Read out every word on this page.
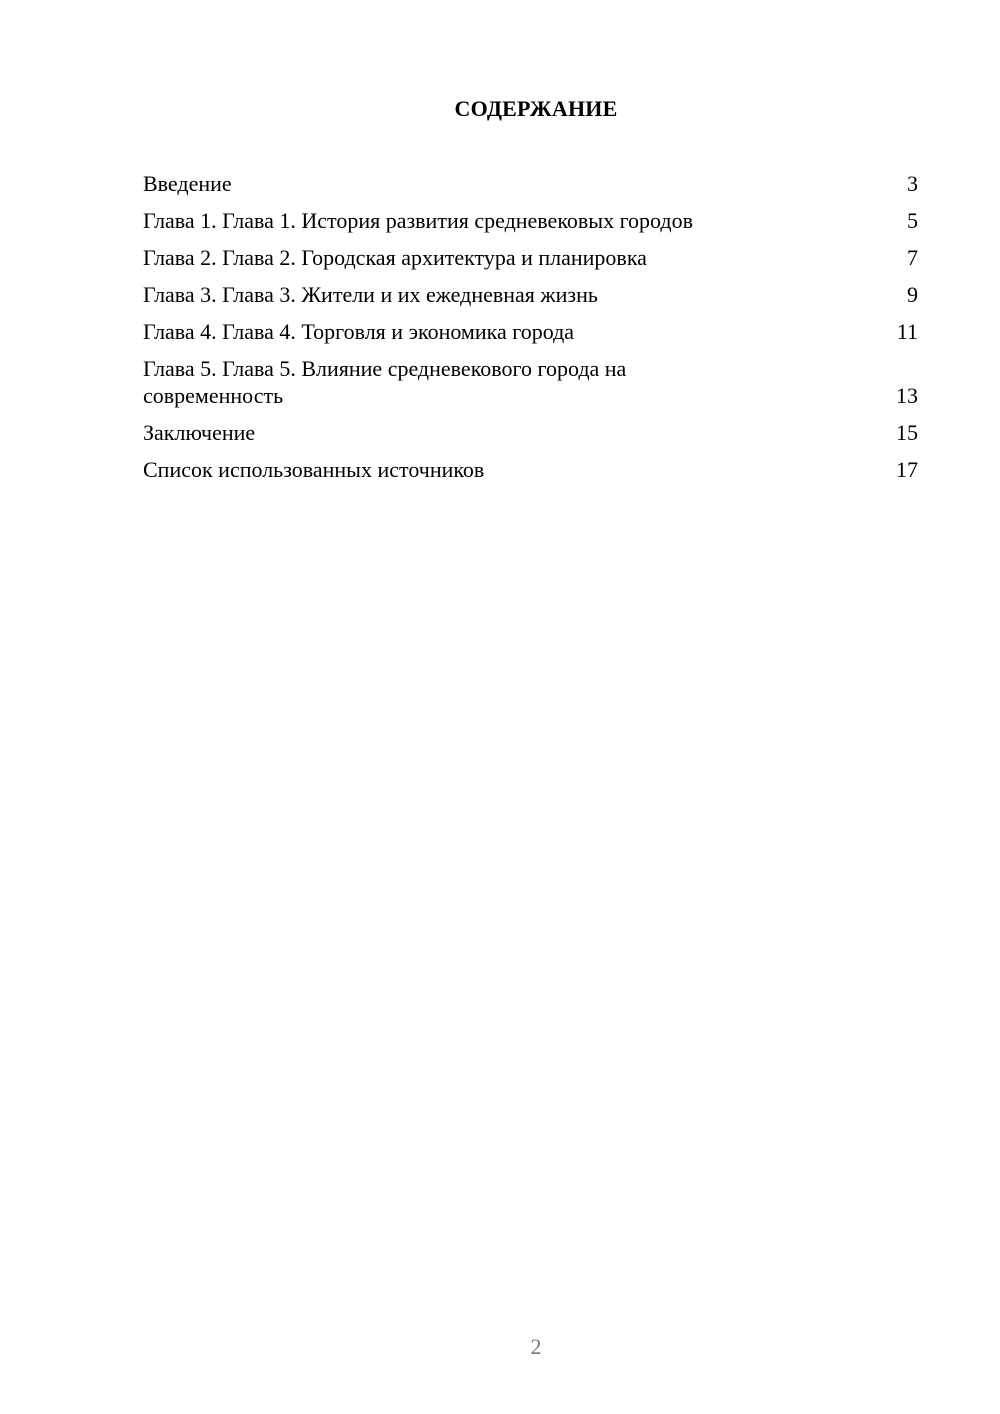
СОДЕРЖАНИЕ
Введение	3
Глава 1. Глава 1. История развития средневековых городов	5
Глава 2. Глава 2. Городская архитектура и планировка	7
Глава 3. Глава 3. Жители и их ежедневная жизнь	9
Глава 4. Глава 4. Торговля и экономика города	11
Глава 5. Глава 5. Влияние средневекового города на современность	13
Заключение	15
Список использованных источников	17
2
